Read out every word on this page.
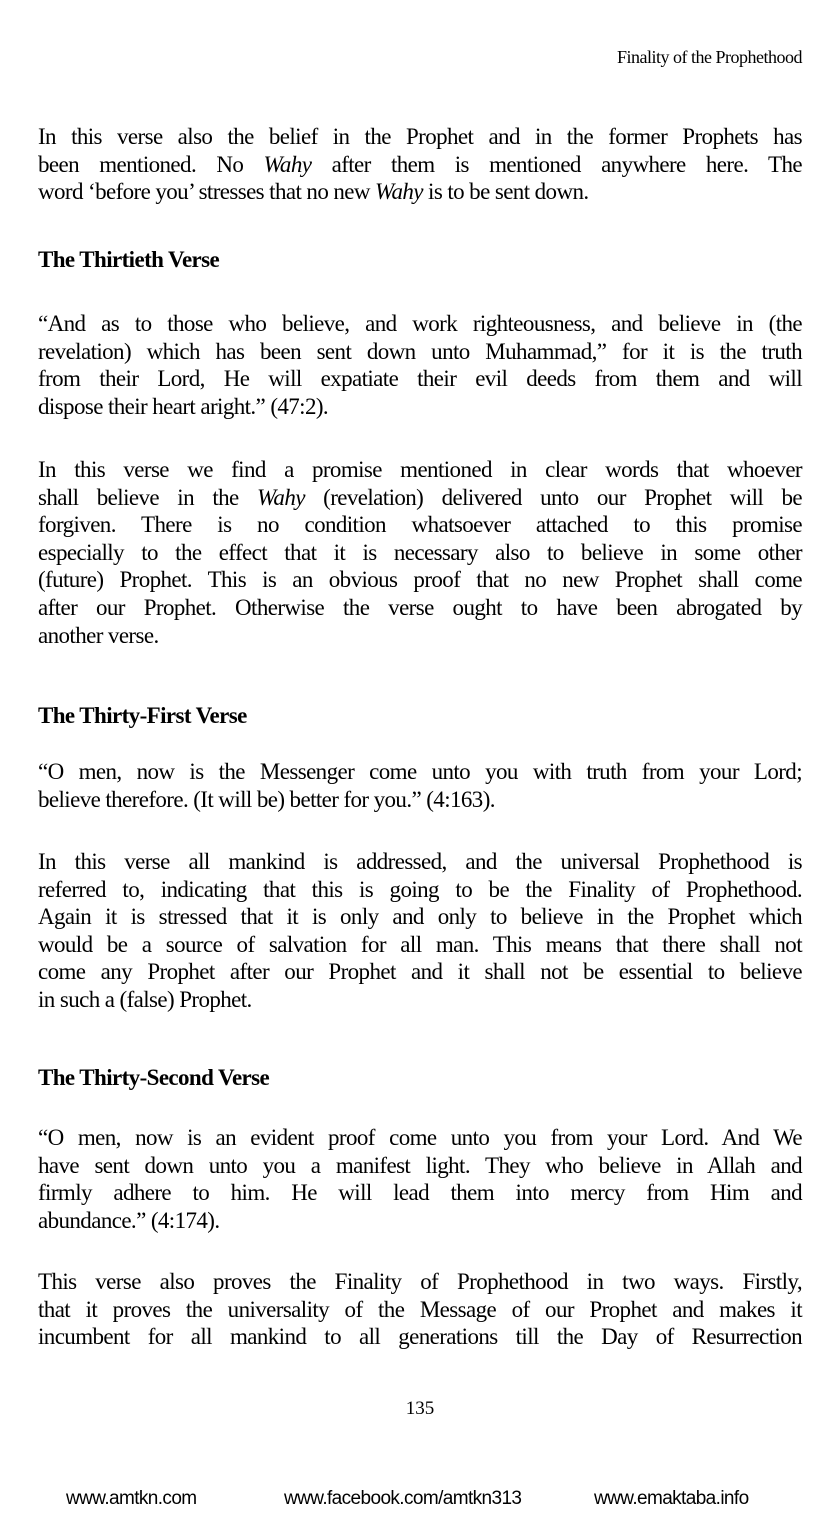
Finality of the Prophethood
In this verse also the belief in the Prophet and in the former Prophets has
been mentioned. No Wahy after them is mentioned anywhere here. The
word ‘before you’ stresses that no new Wahy is to be sent down.
The Thirtieth Verse
“And as to those who believe, and work righteousness, and believe in (the
revelation) which has been sent down unto Muhammad,” for it is the truth
from their Lord, He will expatiate their evil deeds from them and will
dispose their heart aright.” (47:2).
In this verse we find a promise mentioned in clear words that whoever
shall believe in the Wahy (revelation) delivered unto our Prophet will be
forgiven. There is no condition whatsoever attached to this promise
especially to the effect that it is necessary also to believe in some other
(future) Prophet. This is an obvious proof that no new Prophet shall come
after our Prophet. Otherwise the verse ought to have been abrogated by
another verse.
The Thirty-First Verse
“O men, now is the Messenger come unto you with truth from your Lord;
believe therefore. (It will be) better for you.” (4:163).
In this verse all mankind is addressed, and the universal Prophethood is
referred to, indicating that this is going to be the Finality of Prophethood.
Again it is stressed that it is only and only to believe in the Prophet which
would be a source of salvation for all man. This means that there shall not
come any Prophet after our Prophet and it shall not be essential to believe
in such a (false) Prophet.
The Thirty-Second Verse
“O men, now is an evident proof come unto you from your Lord. And We
have sent down unto you a manifest light. They who believe in Allah and
firmly adhere to him. He will lead them into mercy from Him and
abundance.” (4:174).
This verse also proves the Finality of Prophethood in two ways. Firstly,
that it proves the universality of the Message of our Prophet and makes it
incumbent for all mankind to all generations till the Day of Resurrection
135
www.amtkn.com	www.facebook.com/amtkn313	www.emaktaba.info
